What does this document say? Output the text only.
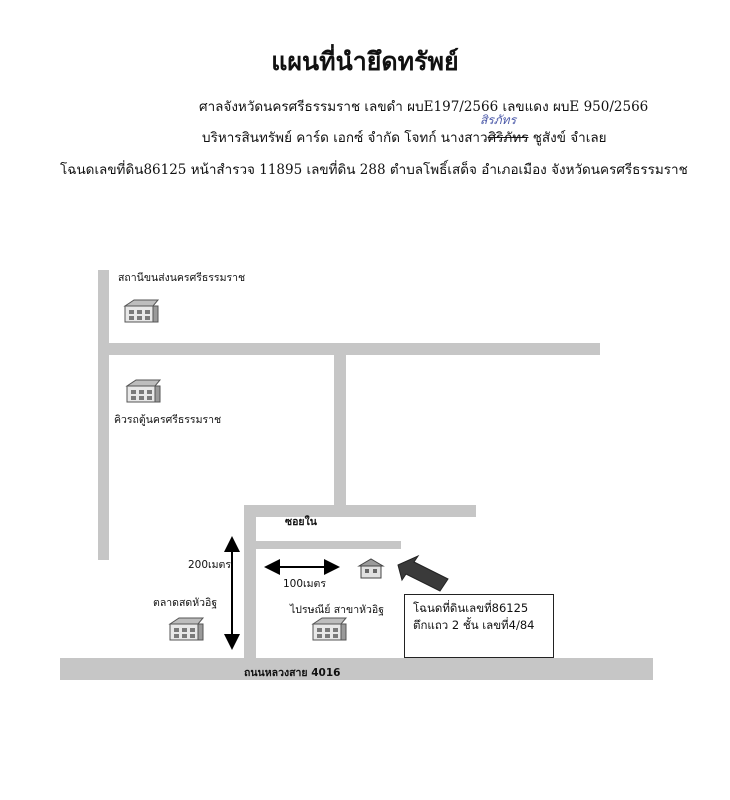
แผนที่นำยึดทรัพย์
ศาลจังหวัดนครศรีธรรมราช เลขดำ ผบE197/2566 เลขแดง ผบE 950/2566
บริหารสินทรัพย์ คาร์ด เอกซ์ จำกัด โจทก์ นางสาวศิริภัทร ชูสังข์ จำเลย
สิรภัทร
โฉนดเลขที่ดิน86125 หน้าสำรวจ 11895 เลขที่ดิน 288 ตำบลโพธิ์เสด็จ อำเภอเมือง จังหวัดนครศรีธรรมราช
สถานีขนส่งนครศรีธรรมราช
คิวรถตู้นครศรีธรรมราช
ซอยใน
200เมตร
100เมตร
ตลาดสดหัวอิฐ
ไปรษณีย์ สาขาหัวอิฐ
ถนนหลวงสาย 4016
โฉนดที่ดินเลขที่86125
ตึกแถว 2 ชั้น เลขที่4/84
